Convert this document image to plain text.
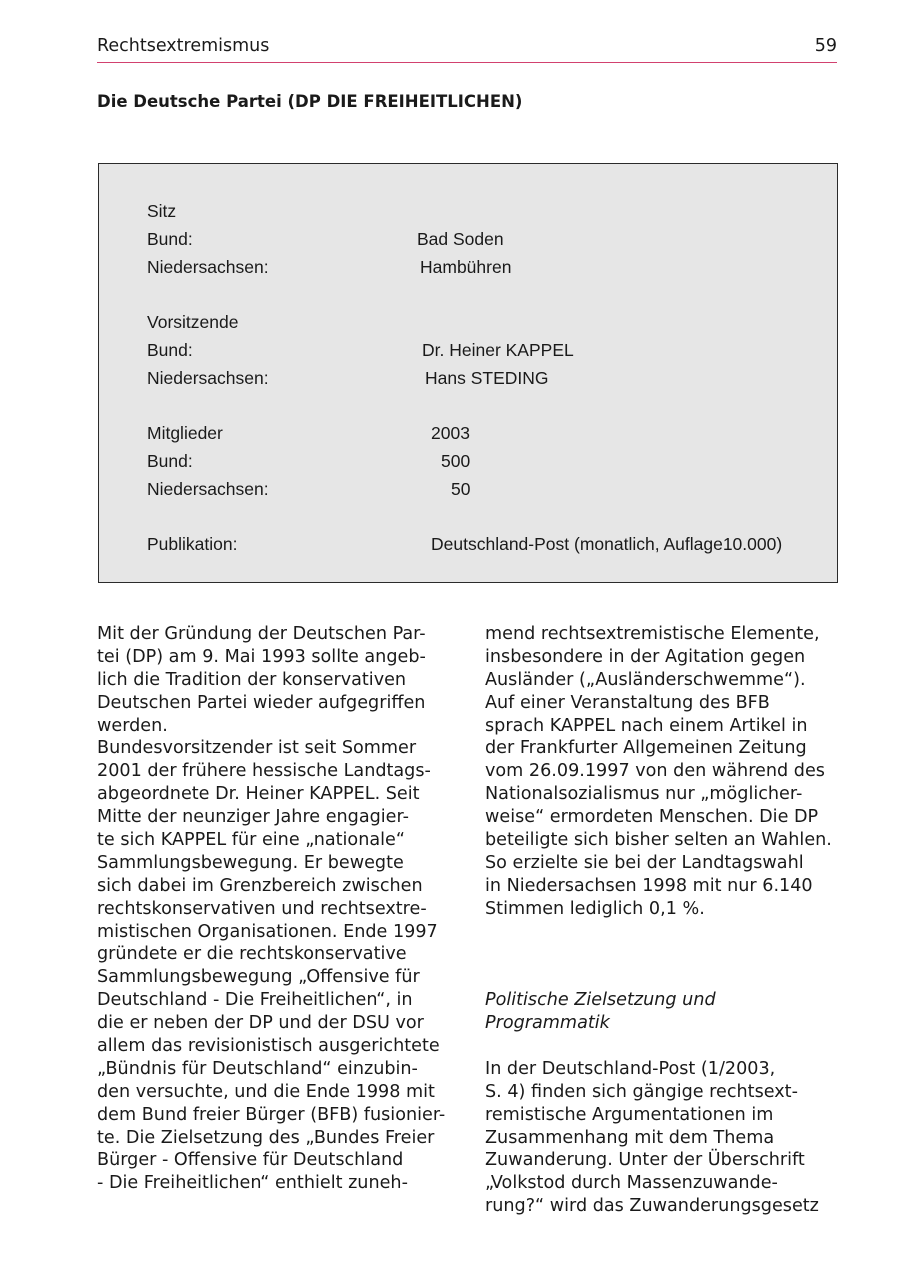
Rechtsextremismus	59
Die Deutsche Partei (DP DIE FREIHEITLICHEN)
Sitz
Bund:	Bad Soden
Niedersachsen:	Hambühren
Vorsitzende
Bund:	Dr. Heiner KAPPEL
Niedersachsen:	Hans STEDING
Mitglieder	2003
Bund:	500
Niedersachsen:	50
Publikation:	Deutschland-Post (monatlich, Auflage10.000)
Mit der Gründung der Deutschen Par-
tei (DP) am 9. Mai 1993 sollte angeb-
lich die Tradition der konservativen
Deutschen Partei wieder aufgegriffen
werden.
Bundesvorsitzender ist seit Sommer
2001 der frühere hessische Landtags-
abgeordnete Dr. Heiner KAPPEL. Seit
Mitte der neunziger Jahre engagier-
te sich KAPPEL für eine „nationale“
Sammlungsbewegung. Er bewegte
sich dabei im Grenzbereich zwischen
rechtskonservativen und rechtsextre-
mistischen Organisationen. Ende 1997
gründete er die rechtskonservative
Sammlungsbewegung „Offensive für
Deutschland - Die Freiheitlichen“, in
die er neben der DP und der DSU vor
allem das revisionistisch ausgerichtete
„Bündnis für Deutschland“ einzubin-
den versuchte, und die Ende 1998 mit
dem Bund freier Bürger (BFB) fusionier-
te. Die Zielsetzung des „Bundes Freier
Bürger - Offensive für Deutschland
- Die Freiheitlichen“ enthielt zuneh-
mend rechtsextremistische Elemente,
insbesondere in der Agitation gegen
Ausländer („Ausländerschwemme“).
Auf einer Veranstaltung des BFB
sprach KAPPEL nach einem Artikel in
der Frankfurter Allgemeinen Zeitung
vom 26.09.1997 von den während des
Nationalsozialismus nur „möglicher-
weise“ ermordeten Menschen. Die DP
beteiligte sich bisher selten an Wahlen.
So erzielte sie bei der Landtagswahl
in Niedersachsen 1998 mit nur 6.140
Stimmen lediglich 0,1 %.
Politische Zielsetzung und
Programmatik
In der Deutschland-Post (1/2003,
S. 4) finden sich gängige rechtsext-
remistische Argumentationen im
Zusammenhang mit dem Thema
Zuwanderung. Unter der Überschrift
„Volkstod durch Massenzuwande-
rung?“ wird das Zuwanderungsgesetz
